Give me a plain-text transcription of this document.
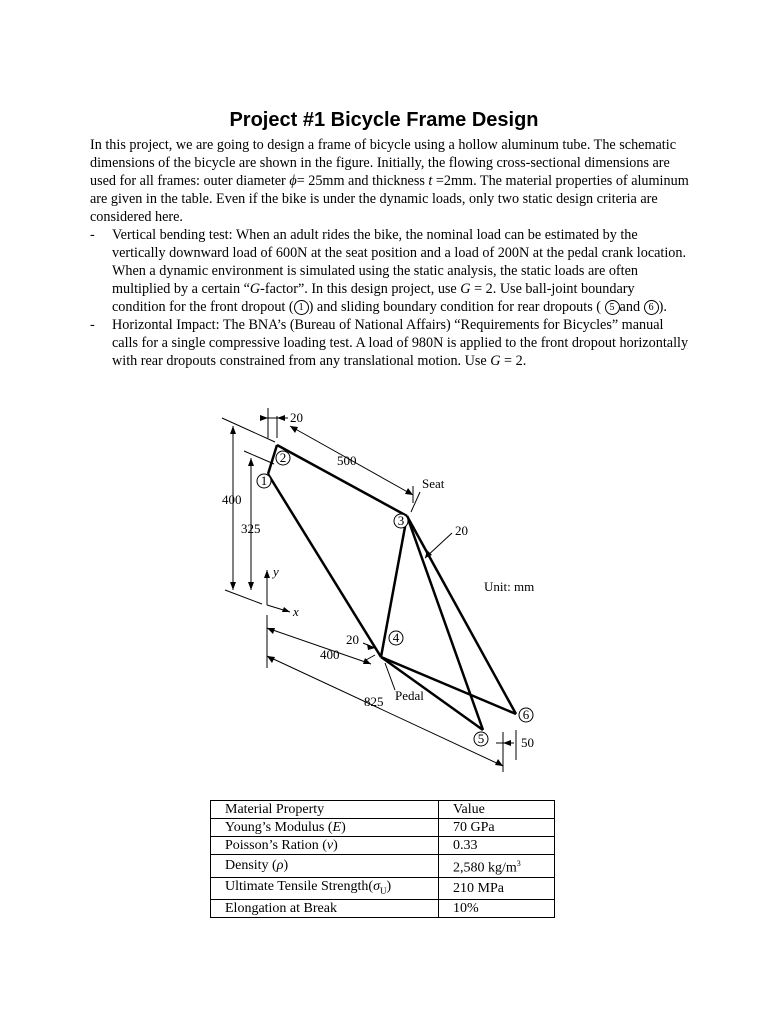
Project #1 Bicycle Frame Design
In this project, we are going to design a frame of bicycle using a hollow aluminum tube. The schematic dimensions of the bicycle are shown in the figure. Initially, the flowing cross-sectional dimensions are used for all frames: outer diameter ϕ= 25mm and thickness t =2mm. The material properties of aluminum are given in the table. Even if the bike is under the dynamic loads, only two static design criteria are considered here.
- Vertical bending test: When an adult rides the bike, the nominal load can be estimated by the vertically downward load of 600N at the seat position and a load of 200N at the pedal crank location. When a dynamic environment is simulated using the static analysis, the static loads are often multiplied by a certain “G-factor”. In this design project, use G = 2. Use ball-joint boundary condition for the front dropout ( 1 ) and sliding boundary condition for rear dropouts ( 5 and 6 ).
- Horizontal Impact: The BNA’s (Bureau of National Affairs) “Requirements for Bicycles” manual calls for a single compressive loading test. A load of 980N is applied to the front dropout horizontally with rear dropouts constrained from any translational motion. Use G = 2.
1
2
3
4
5
6
20
500
Seat
400
325	20
y
x
Unit: mm
20
400
Pedal
825
50
Material Property	Value
Young’s Modulus (E)	70 GPa
Poisson’s Ration (ν)	0.33
Density (ρ)	2,580 $kg/m^3$
Ultimate Tensile $Strength(\sigma_U)$	210 MPa
Elongation at Break	10%
